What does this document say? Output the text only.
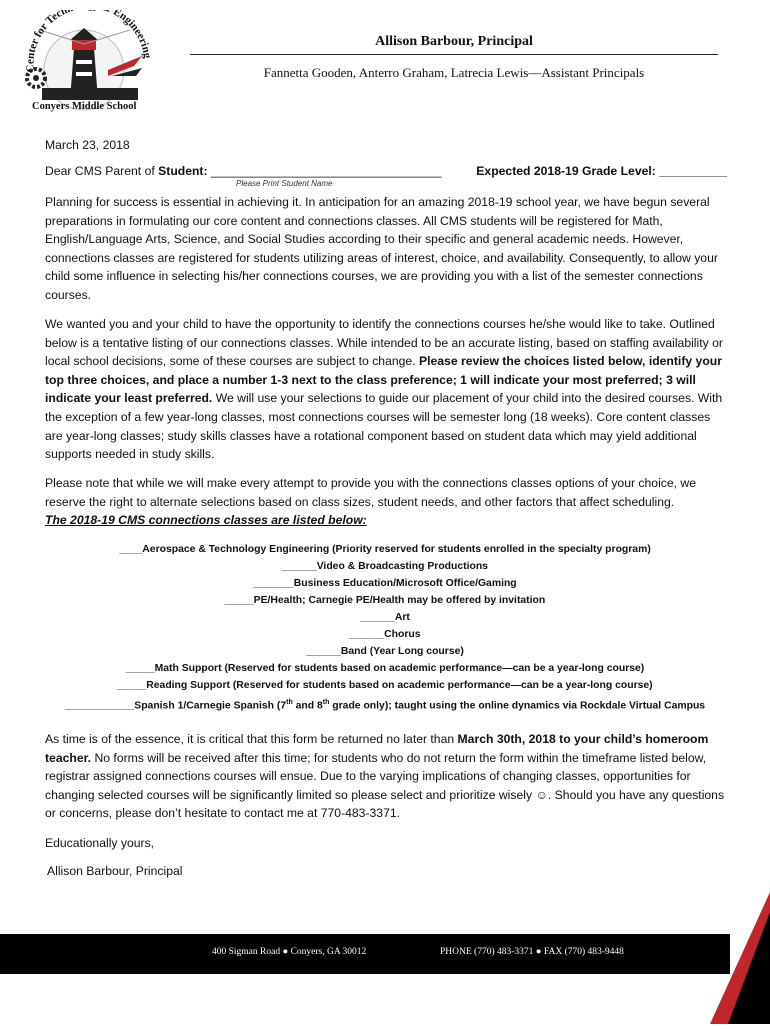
Center for Tech Engineering
Conyers Middle School
Allison Barbour, Principal
Fannetta Gooden, Anterro Graham, Latrecia Lewis—Assistant Principals
March 23, 2018
Dear CMS Parent of Student: __________________________________	Expected 2018-19 Grade Level: __________
Please Print Student Name
Planning for success is essential in achieving it. In anticipation for an amazing 2018-19 school year, we have begun several preparations in formulating our core content and connections classes. All CMS students will be registered for Math, English/Language Arts, Science, and Social Studies according to their specific and general academic needs. However, connections classes are registered for students utilizing areas of interest, choice, and availability. Consequently, to allow your child some influence in selecting his/her connections courses, we are providing you with a list of the semester connections courses.
We wanted you and your child to have the opportunity to identify the connections courses he/she would like to take. Outlined below is a tentative listing of our connections classes. While intended to be an accurate listing, based on staffing availability or local school decisions, some of these courses are subject to change. Please review the choices listed below, identify your top three choices, and place a number 1-3 next to the class preference; 1 will indicate your most preferred; 3 will indicate your least preferred. We will use your selections to guide our placement of your child into the desired courses. With the exception of a few year-long classes, most connections courses will be semester long (18 weeks). Core content classes are year-long classes; study skills classes have a rotational component based on student data which may yield additional supports needed in study skills.
Please note that while we will make every attempt to provide you with the connections classes options of your choice, we reserve the right to alternate selections based on class sizes, student needs, and other factors that affect scheduling.
The 2018-19 CMS connections classes are listed below:
____Aerospace & Technology Engineering (Priority reserved for students enrolled in the specialty program)
______Video & Broadcasting Productions
_______Business Education/Microsoft Office/Gaming
_____PE/Health; Carnegie PE/Health may be offered by invitation
______Art
______Chorus
______Band (Year Long course)
_____Math Support (Reserved for students based on academic performance—can be a year-long course)
_____Reading Support (Reserved for students based on academic performance—can be a year-long course)
____________Spanish 1/Carnegie Spanish (7th and 8th grade only); taught using the online dynamics via Rockdale Virtual Campus
As time is of the essence, it is critical that this form be returned no later than March 30th, 2018 to your child’s homeroom teacher. No forms will be received after this time; for students who do not return the form within the timeframe listed below, registrar assigned connections courses will ensue. Due to the varying implications of changing classes, opportunities for changing selected courses will be significantly limited so please select and prioritize wisely ☺. Should you have any questions or concerns, please don’t hesitate to contact me at 770-483-3371.
Educationally yours,
Allison Barbour, Principal
400 Sigman Road ● Conyers, GA 30012	PHONE (770) 483-3371 ● FAX (770) 483-9448
